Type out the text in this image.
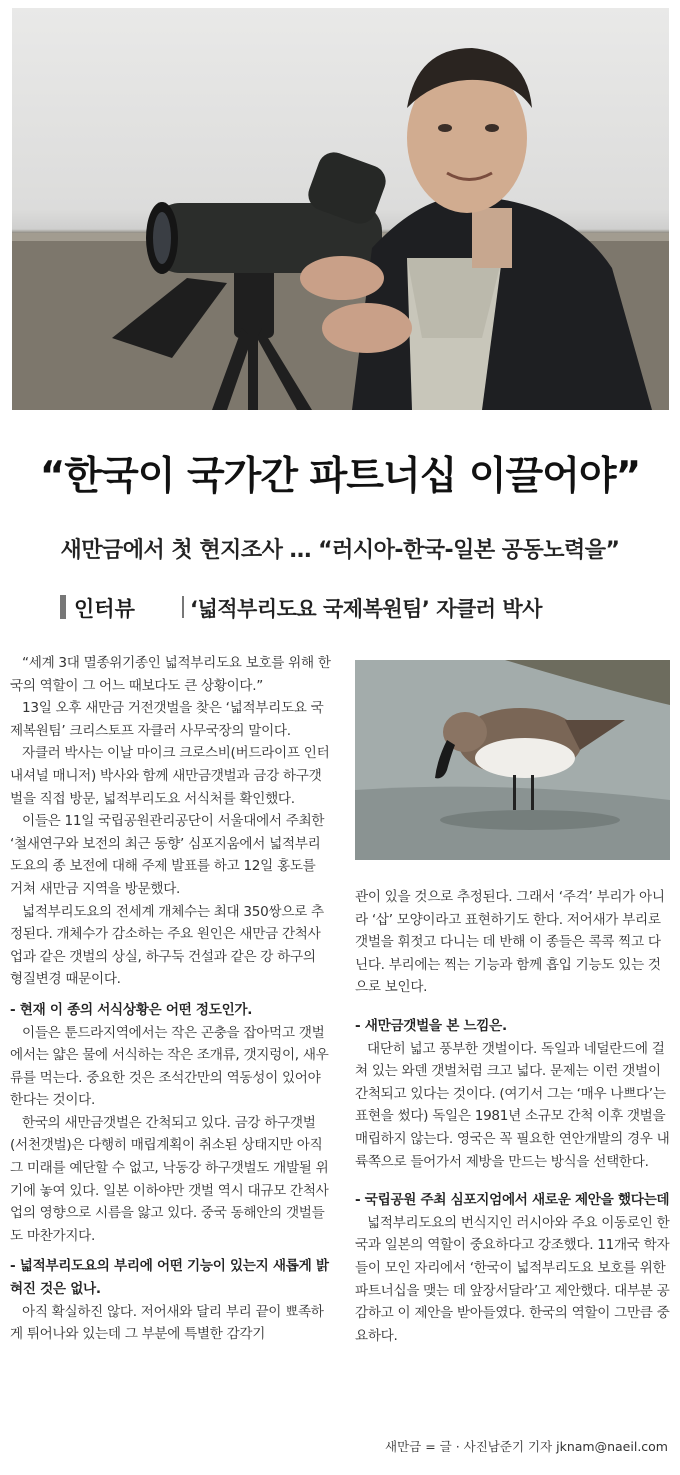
“한국이 국가간 파트너십 이끌어야”
새만금에서 첫 현지조사 … “러시아-한국-일본 공동노력을”
인터뷰	‘넓적부리도요 국제복원팀’ 자클러 박사

“세계 3대 멸종위기종인 넓적부리도요 보호를 위해 한국의 역할이 그 어느 때보다도 큰 상황이다.”

13일 오후 새만금 거전갯벌을 찾은 ‘넓적부리도요 국제복원팀’ 크리스토프 자클러 사무국장의 말이다.

자클러 박사는 이날 마이크 크로스비(버드라이프 인터내셔널 매니저) 박사와 함께 새만금갯벌과 금강 하구갯벌을 직접 방문, 넓적부리도요 서식처를 확인했다.

이들은 11일 국립공원관리공단이 서울대에서 주최한 ‘철새연구와 보전의 최근 동향’ 심포지움에서 넓적부리도요의 종 보전에 대해 주제 발표를 하고 12일 홍도를 거쳐 새만금 지역을 방문했다.

넓적부리도요의 전세계 개체수는 최대 350쌍으로 추정된다. 개체수가 감소하는 주요 원인은 새만금 간척사업과 같은 갯벌의 상실, 하구둑 건설과 같은 강 하구의 형질변경 때문이다.

- 현재 이 종의 서식상황은 어떤 정도인가.

이들은 툰드라지역에서는 작은 곤충을 잡아먹고 갯벌에서는 얇은 물에 서식하는 작은 조개류, 갯지렁이, 새우류를 먹는다. 중요한 것은 조석간만의 역동성이 있어야 한다는 것이다.

한국의 새만금갯벌은 간척되고 있다. 금강 하구갯벌(서천갯벌)은 다행히 매립계획이 취소된 상태지만 아직 그 미래를 예단할 수 없고, 낙동강 하구갯벌도 개발될 위기에 놓여 있다. 일본 이하야만 갯벌 역시 대규모 간척사업의 영향으로 시름을 앓고 있다. 중국 동해안의 갯벌들도 마찬가지다.

- 넓적부리도요의 부리에 어떤 기능이 있는지 새롭게 밝혀진 것은 없나.

아직 확실하진 않다. 저어새와 달리 부리 끝이 뾰족하게 튀어나와 있는데 그 부분에 특별한 감각기

관이 있을 것으로 추정된다. 그래서 ‘주걱’ 부리가 아니라 ‘삽’ 모양이라고 표현하기도 한다. 저어새가 부리로 갯벌을 휘젓고 다니는 데 반해 이 종들은 콕콕 찍고 다닌다. 부리에는 찍는 기능과 함께 흡입 기능도 있는 것으로 보인다.

- 새만금갯벌을 본 느낌은.

대단히 넓고 풍부한 갯벌이다. 독일과 네덜란드에 걸쳐 있는 와덴 갯벌처럼 크고 넓다. 문제는 이런 갯벌이 간척되고 있다는 것이다. (여기서 그는 ‘매우 나쁘다’는 표현을 썼다) 독일은 1981년 소규모 간척 이후 갯벌을 매립하지 않는다. 영국은 꼭 필요한 연안개발의 경우 내륙쪽으로 들어가서 제방을 만드는 방식을 선택한다.

- 국립공원 주최 심포지엄에서 새로운 제안을 했다는데

넓적부리도요의 번식지인 러시아와 주요 이동로인 한국과 일본의 역할이 중요하다고 강조했다. 11개국 학자들이 모인 자리에서 ‘한국이 넓적부리도요 보호를 위한 파트너십을 맺는 데 앞장서달라’고 제안했다. 대부분 공감하고 이 제안을 받아들였다. 한국의 역할이 그만큼 중요하다.

새만금 = 글 · 사진남준기 기자 jknam@naeil.com
